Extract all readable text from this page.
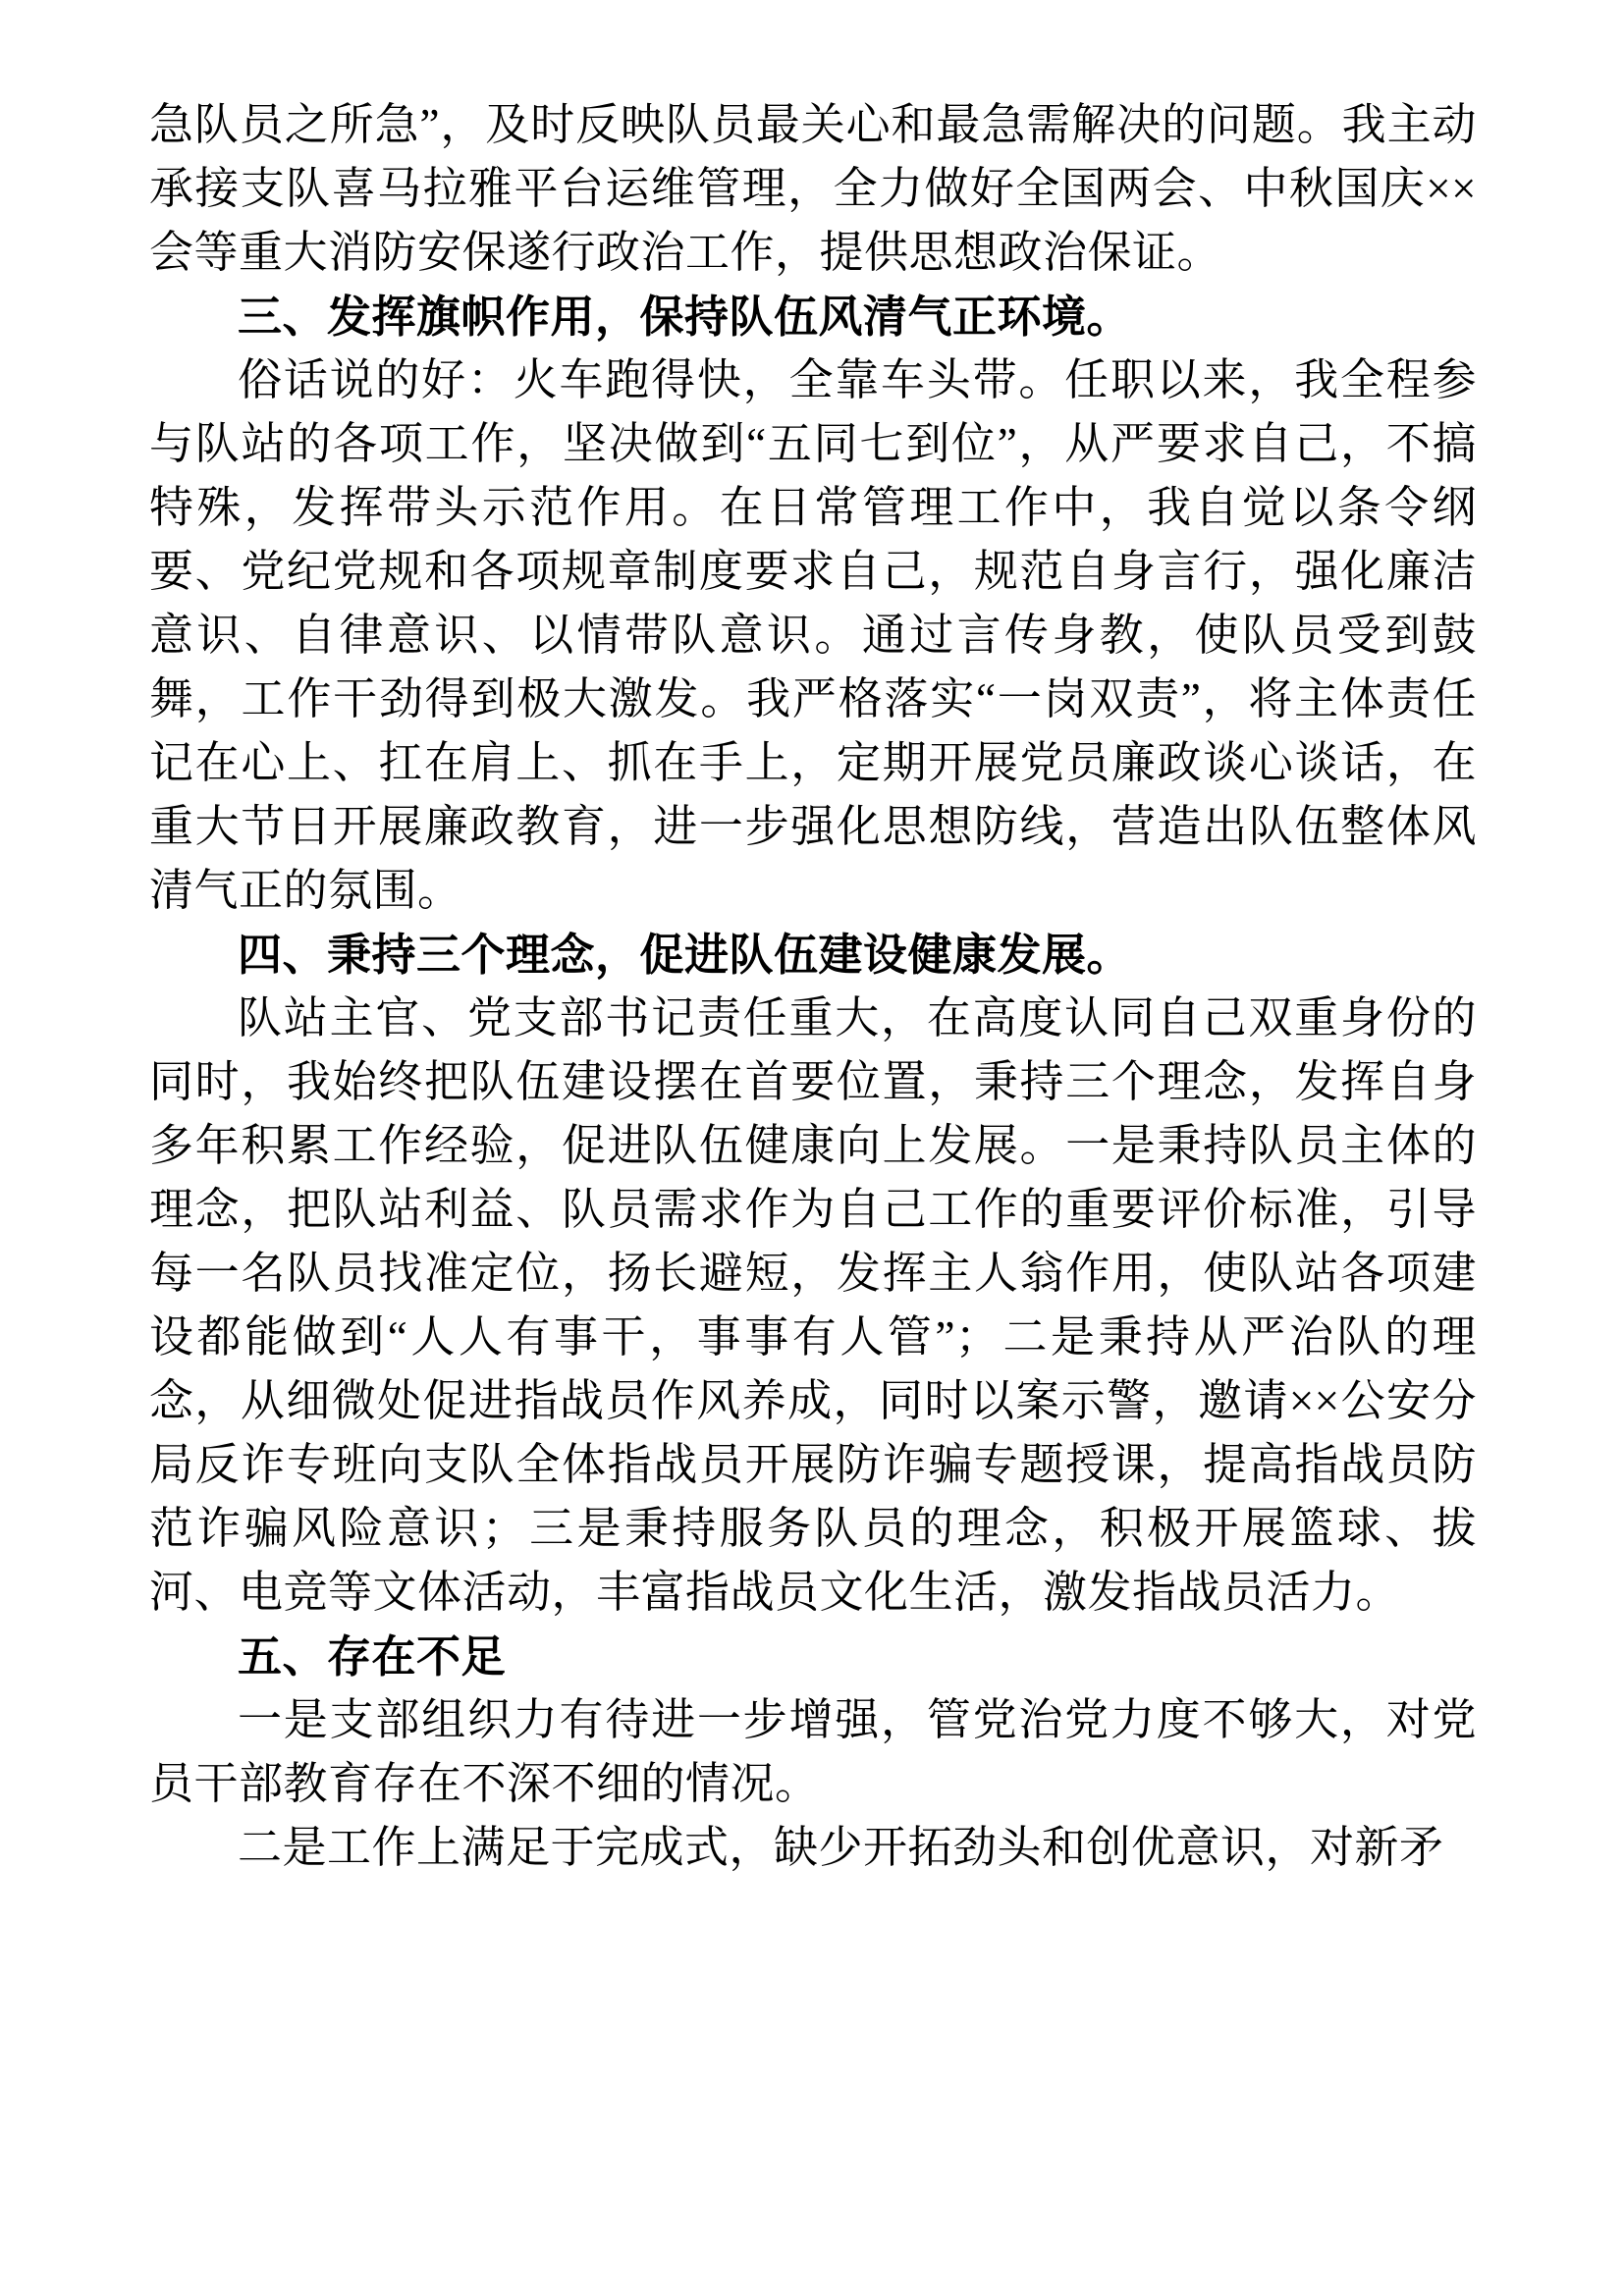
急队员之所急”，及时反映队员最关心和最急需解决的问题。我主动承接支队喜马拉雅平台运维管理，全力做好全国两会、中秋国庆××会等重大消防安保遂行政治工作，提供思想政治保证。

三、发挥旗帜作用，保持队伍风清气正环境。

俗话说的好：火车跑得快，全靠车头带。任职以来，我全程参与队站的各项工作，坚决做到“五同七到位”，从严要求自己，不搞特殊，发挥带头示范作用。在日常管理工作中，我自觉以条令纲要、党纪党规和各项规章制度要求自己，规范自身言行，强化廉洁意识、自律意识、以情带队意识。通过言传身教，使队员受到鼓舞，工作干劲得到极大激发。我严格落实“一岗双责”，将主体责任记在心上、扛在肩上、抓在手上，定期开展党员廉政谈心谈话，在重大节日开展廉政教育，进一步强化思想防线，营造出队伍整体风清气正的氛围。

四、秉持三个理念，促进队伍建设健康发展。

队站主官、党支部书记责任重大，在高度认同自己双重身份的同时，我始终把队伍建设摆在首要位置，秉持三个理念，发挥自身多年积累工作经验，促进队伍健康向上发展。一是秉持队员主体的理念，把队站利益、队员需求作为自己工作的重要评价标准，引导每一名队员找准定位，扬长避短，发挥主人翁作用，使队站各项建设都能做到“人人有事干，事事有人管”；二是秉持从严治队的理念，从细微处促进指战员作风养成，同时以案示警，邀请××公安分局反诈专班向支队全体指战员开展防诈骗专题授课，提高指战员防范诈骗风险意识；三是秉持服务队员的理念，积极开展篮球、拔河、电竞等文体活动，丰富指战员文化生活，激发指战员活力。

五、存在不足

一是支部组织力有待进一步增强，管党治党力度不够大，对党员干部教育存在不深不细的情况。

二是工作上满足于完成式，缺少开拓劲头和创优意识，对新矛
